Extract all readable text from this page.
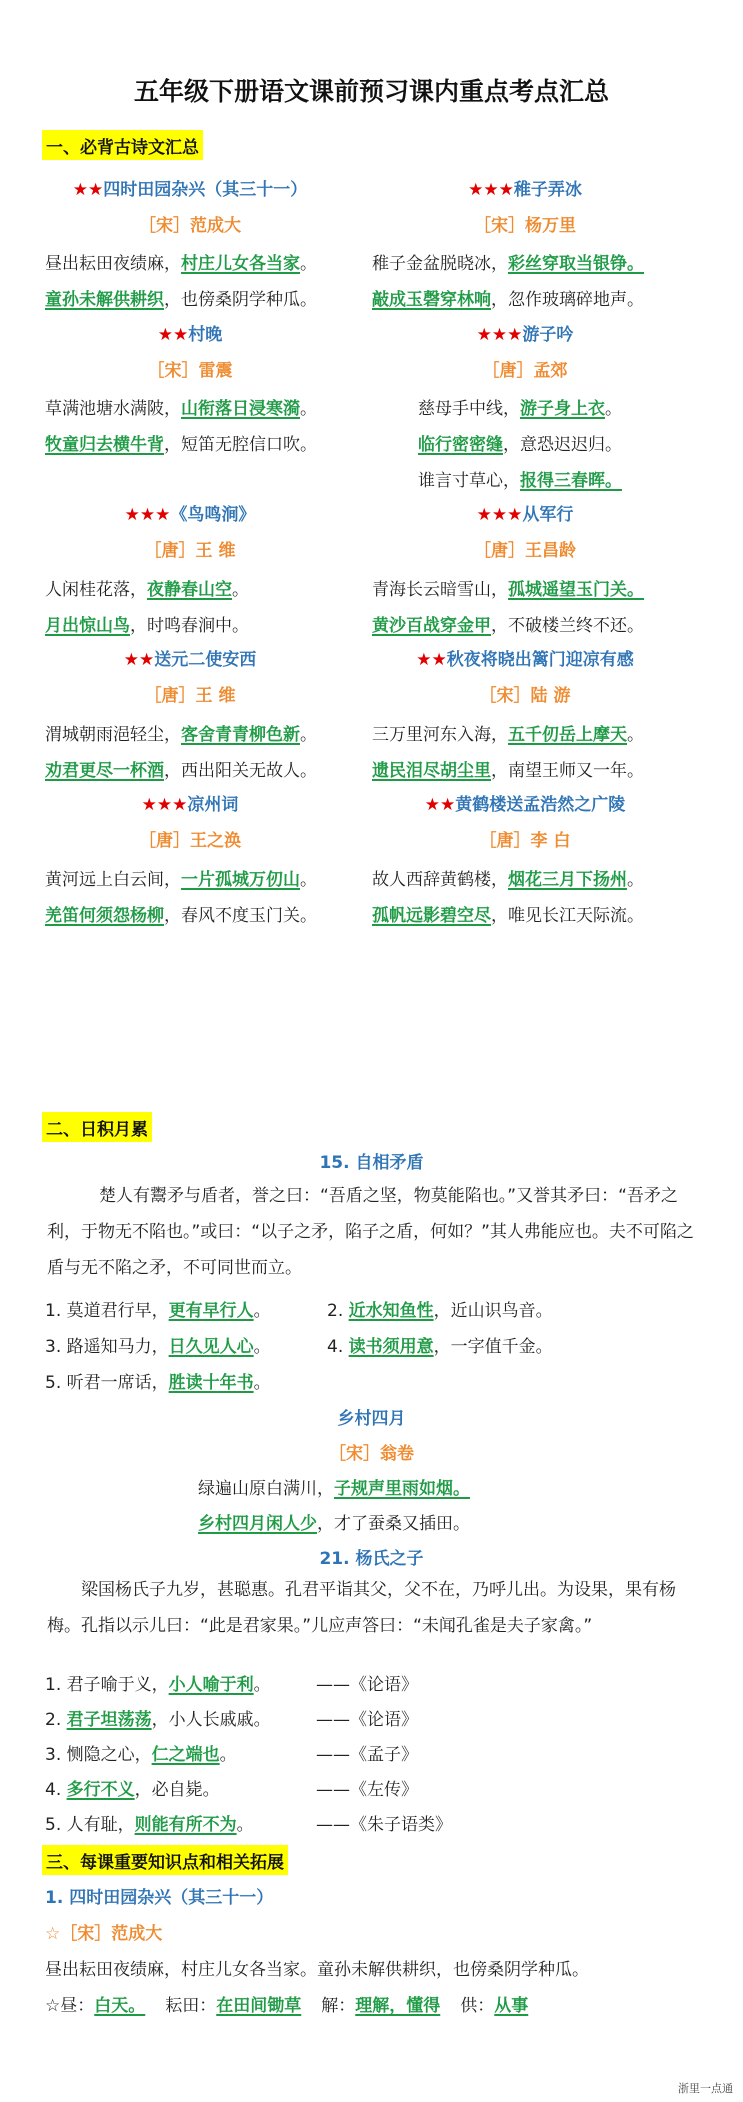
五年级下册语文课前预习课内重点考点汇总
一、必背古诗文汇总
★★四时田园杂兴（其三十一）
［宋］范成大
昼出耘田夜绩麻，村庄儿女各当家。
童孙未解供耕织，也傍桑阴学种瓜。
★★★稚子弄冰
［宋］杨万里
稚子金盆脱晓冰，彩丝穿取当银铮。
敲成玉磬穿林响，忽作玻璃碎地声。
★★村晚
［宋］雷震
草满池塘水满陂，山衔落日浸寒漪。
牧童归去横牛背，短笛无腔信口吹。
★★★游子吟
［唐］孟郊
慈母手中线，游子身上衣。
临行密密缝，意恐迟迟归。
谁言寸草心，报得三春晖。
★★★《鸟鸣涧》
［唐］王 维
人闲桂花落，夜静春山空。
月出惊山鸟，时鸣春涧中。
★★★从军行
［唐］王昌龄
青海长云暗雪山，孤城遥望玉门关。
黄沙百战穿金甲，不破楼兰终不还。
★★送元二使安西
［唐］王 维
渭城朝雨浥轻尘，客舍青青柳色新。
劝君更尽一杯酒，西出阳关无故人。
★★秋夜将晓出篱门迎凉有感
［宋］陆 游
三万里河东入海，五千仞岳上摩天。
遗民泪尽胡尘里，南望王师又一年。
★★★凉州词
［唐］王之涣
黄河远上白云间，一片孤城万仞山。
羌笛何须怨杨柳，春风不度玉门关。
★★黄鹤楼送孟浩然之广陵
［唐］李 白
故人西辞黄鹤楼，烟花三月下扬州。
孤帆远影碧空尽，唯见长江天际流。
二、日积月累
15. 自相矛盾
楚人有鬻矛与盾者，誉之曰：“吾盾之坚，物莫能陷也。”又誉其矛曰：“吾矛之利，于物无不陷也。”或曰：“以子之矛，陷子之盾，何如？”其人弗能应也。夫不可陷之盾与无不陷之矛，不可同世而立。
1. 莫道君行早，更有早行人。	2. 近水知鱼性，近山识鸟音。
3. 路遥知马力，日久见人心。	4. 读书须用意，一字值千金。
5. 听君一席话，胜读十年书。
乡村四月
［宋］翁卷
绿遍山原白满川，子规声里雨如烟。
乡村四月闲人少，才了蚕桑又插田。
21. 杨氏之子
梁国杨氏子九岁，甚聪惠。孔君平诣其父，父不在，乃呼儿出。为设果，果有杨梅。孔指以示儿曰：“此是君家果。”儿应声答曰：“未闻孔雀是夫子家禽。”
1. 君子喻于义，小人喻于利。	——《论语》
2. 君子坦荡荡，小人长戚戚。	——《论语》
3. 恻隐之心，仁之端也。	——《孟子》
4. 多行不义，必自毙。	——《左传》
5. 人有耻，则能有所不为。	——《朱子语类》
三、每课重要知识点和相关拓展
1. 四时田园杂兴（其三十一）
☆［宋］范成大
昼出耘田夜绩麻，村庄儿女各当家。童孙未解供耕织，也傍桑阴学种瓜。
☆昼：白天。 耘田：在田间锄草 解：理解，懂得 供：从事
浙里一点通
